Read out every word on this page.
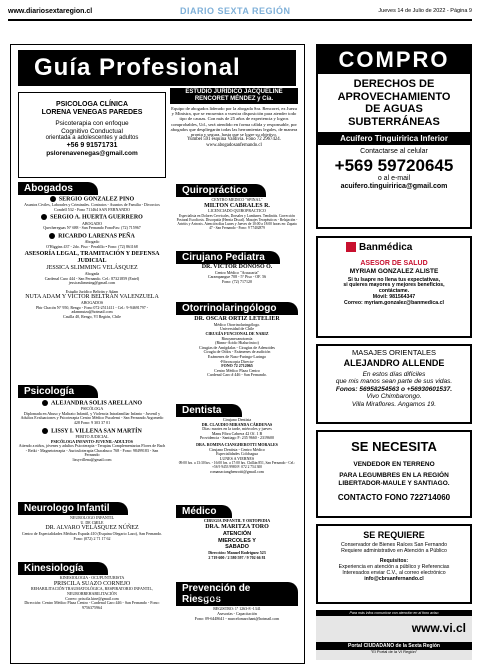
www.diariosextaregion.cl	DIARIO SEXTA REGIÓN	Jueves 14 de Julio de 2022 - Página 9
Guía Profesional
PSICOLOGA CLÍNICA
LORENA VENEGAS PAREDES
Psicoterapia con enfoque
Cognitivo Conductual
orientada a adolescentes y adultos
+56 9 91571731
pslorenavenegas@gmail.com
ESTUDIO JURÍDICO JACQUELINE
RENCORET MÉNDEZ y Cía.
Equipo de abogados liderado por la abogada Sra. Rencoret, ex Jueza y Ministra, que se encuentra a vuestra disposición para atender todo tipo de causas. Con más de 25 años de experiencia y logros comprobables, Ud., será atendido en forma cálida y responsable, por abogados que despliegarán todas las herramientas legales, de manera pronta y segura, hasta que se logre su objetivo.
Yumbel 591 esquina Valdivia. Fono 72 2967424.
www.abogadosanfernando.cl
Abogados
SERGIO GONZÁLEZ PINO
Asuntos Civiles, Laborales y Criminales. Contratos - Asuntos de Familia - Divorcios Condell 532 - Fono 711464 SAN FERNANDO
SERGIO A. HUERTA GUERRERO
ABOGADO
Quechereguas N° 688 - San Fernando FonoFax: (72) 715967
RICARDO LARENAS PEÑA
Abogado
O'Higgins 437 - 2do. Piso - Peralillo • Fono: (72) 861168
ASESORÍA LEGAL, TRAMITACIÓN Y DEFENSA JUDICIAL
JESSICA SLIMMING VELÁSQUEZ
Abogada
Cardenal Caro 444 - San Fernando. Cel.: 87321859 (Entel)
jessicaslimming@gmail.com
Estudio Jurídico Beltrán y Adam
NUTA ADAM Y VÍCTOR BELTRÁN VALENZUELA
ABOGADOS
Pbtr Chacón N° 950, Rengo - Fono 072-2511411 - Cel.: 9-94691797 - adamnutza@hotmail.com
Casilla 40, Rengo, VI Región, Chile
Psicología
ALEJANDRA SOLÍS ARELLANO
PSICÓLOGA
Diplomada en Abuso y Maltrato Infantil, y Violencia Intrafamiliar Infanto - Juvenil y Adultos Evaluaciones y Psicoterapia Centro Médico Pucalemi - San Fernando Argomedo 428 Fono: 9 303 37 01
LISSY I. VILLENA SAN MARTÍN
PERITO JUDICIAL
PSICÓLOGA INFANTO-JUVENIL-ADULTOS
Atiendo a niños, jóvenes y adultos Psicoterapia - Terapias Complementarias Flores de Bach - Reiki - Magnetoterapia - Auriculoterapia Chacabuco 768 - Fono: 98499183 - San Fernando
lissyvillena@gmail.com
Neurologo Infantil
NEUROLOGO INFANTIL
U. DE CHILE
DR. ALVARO VELÁSQUEZ NÚÑEZ
Centro de Especialidades Médicas Espada 410 (Esquina Olegario Lazo), San Fernando. Fono: (072) 2 71 17 62
Kinesiología
KINESIOLOGIA - OCUPUNTURISTA
PRISCILA SUAZO CORNEJO
REHABILITACIÓN TRAUMATOLÓGICA, RESPIRATORIO INFANTIL, NEURORREHABILITACIÓN
Correo: priscila.kine@gmail.com
Dirección: Centro Médico Plaza Centro - Cardenal Caro 446 - San Fernando - Fono: 9756375964
Quiropráctico
CENTRO MÉDICO "SPINAL"
MILTON CABRALES R.
LICENCIADO QUIROPRACTICO
Especialista en Dolores Cervicales, Dorsales y Lumbares. Tendinitis. Corrección Postural Escoliosis. Discopatía (Hernia Discal). Masajes Terapéuticos - Relajación - Artritis y Artrosis. Atención días Lunes y Jueves de 10:00 a 18:00 horas en: Zapata 47 - San Fernando - Fono: 9 77402879
Cirujano Pediatra
DR. VÍCTOR DONOSO O.
Centro Médico "Araucaria"
Carampangue 708 - 5° Piso - OF. 56
Fono: (72) 717120
Otorrinolaringólogo
DR. ÓSCAR ORTIZ LETELIER
Médico Otorrinolaringólogo.
Universidad de Chile
CIRUGÍA FUNCIONAL DE NARIZ
Rinosmecanotomía
(Rinno-Ácido Hialurónico)
Cirugías de Amígdalas - Cirugías de Adenoides
Cirugía de Oídos - Exámenes de audición
Exámenes de Naso-Faringo-Laringo
-Fibroscopia Directa-
FONO 72 2712065
Centro Médico Plaza Centro
Cardenal Caro # 446 - San Fernando.
Dentista
Cirujano Dentista
DR. CLAUDIO MIRANDA CÁRDENAS
Días: martes en la tarde, miércoles y jueves
Manu Fibra Cabrera 42 Of. 1 B
Providencia - Santiago F: 235 9660 - 2319600
DRA. ROMINA CIANGHEROTTI MORALES
Cirujano Dentista - Centro Médico
Especialidades Colchagua
LUNES A VIERNES
09:00 hrs. a 13:30 hrs. - 16:00 hrs. a 17:00 hrs. Chillán 851, San Fernando - Cel.: +56 9 9453 9980 F: 072 2 754 300
romanacianghenrotti@gmail.com
Médico
CIRUGÍA INFANTIL Y ORTOPEDIA
DRA. MARITZA TORO
ATENCIÓN MIERCOLES Y SABADO
Dirección: Manuel Rodríguez 523
2 719 600 / 2 580 597 / 9 702 66 81
Prevención de Riesgos
Manuel M. Marchant Naranjo
INGENIERO EN PREVENCIÓN DE RIESGOS
REGISTRO: 1º 1263-8 -1341
Asesorías - Capacitación
Fono: 09-6448641 - marcelomarchant@hotmail.com
COMPRO
DERECHOS DE
APROVECHAMIENTO
DE AGUAS
SUBTERRÁNEAS
Acuífero Tinguiririca Inferior
Contactarse al celular
+569 59720645
o al e-mail
acuifero.tinguiririca@gmail.com
Banmédica
ASESOR DE SALUD
MYRIAM GONZALEZ ALISTE
Si tu Isapre no llena tus expectativas,
si quieres mayores y mejores beneficios,
contáctame.
Móvil: 981564347
Correo: myriam.gonzalez@banmedica.cl
MASAJES ORIENTALES
ALEJANDRO ALLENDE
En estos días difíciles
que mis manos sean parte de sus vidas.
Fonos: 56958254563 o +56930601537.
Vivo Chimbarongo.
Villa Miraflores. Angamos 19.
SE NECESITA
VENDEDOR EN TERRENO
PARA LEGUMBRES EN LA REGIÓN
LIBERTADOR-MAULE Y SANTIAGO.
CONTACTO FONO 722714060
SE REQUIERE
Conservador de Bienes Raíces San Fernando
Requiere administrativo en Atención a Público
Requisitos:
Experiencia en atención a público y Referencias
Interesados enviar C.V., al correo electrónico
info@cbrsanfernando.cl
Para más infos comunicar con atención en al fono aviso
www.vi.cl
Portal CIUDADANO de la Sexta Región
"El Portal de la VI Región"
